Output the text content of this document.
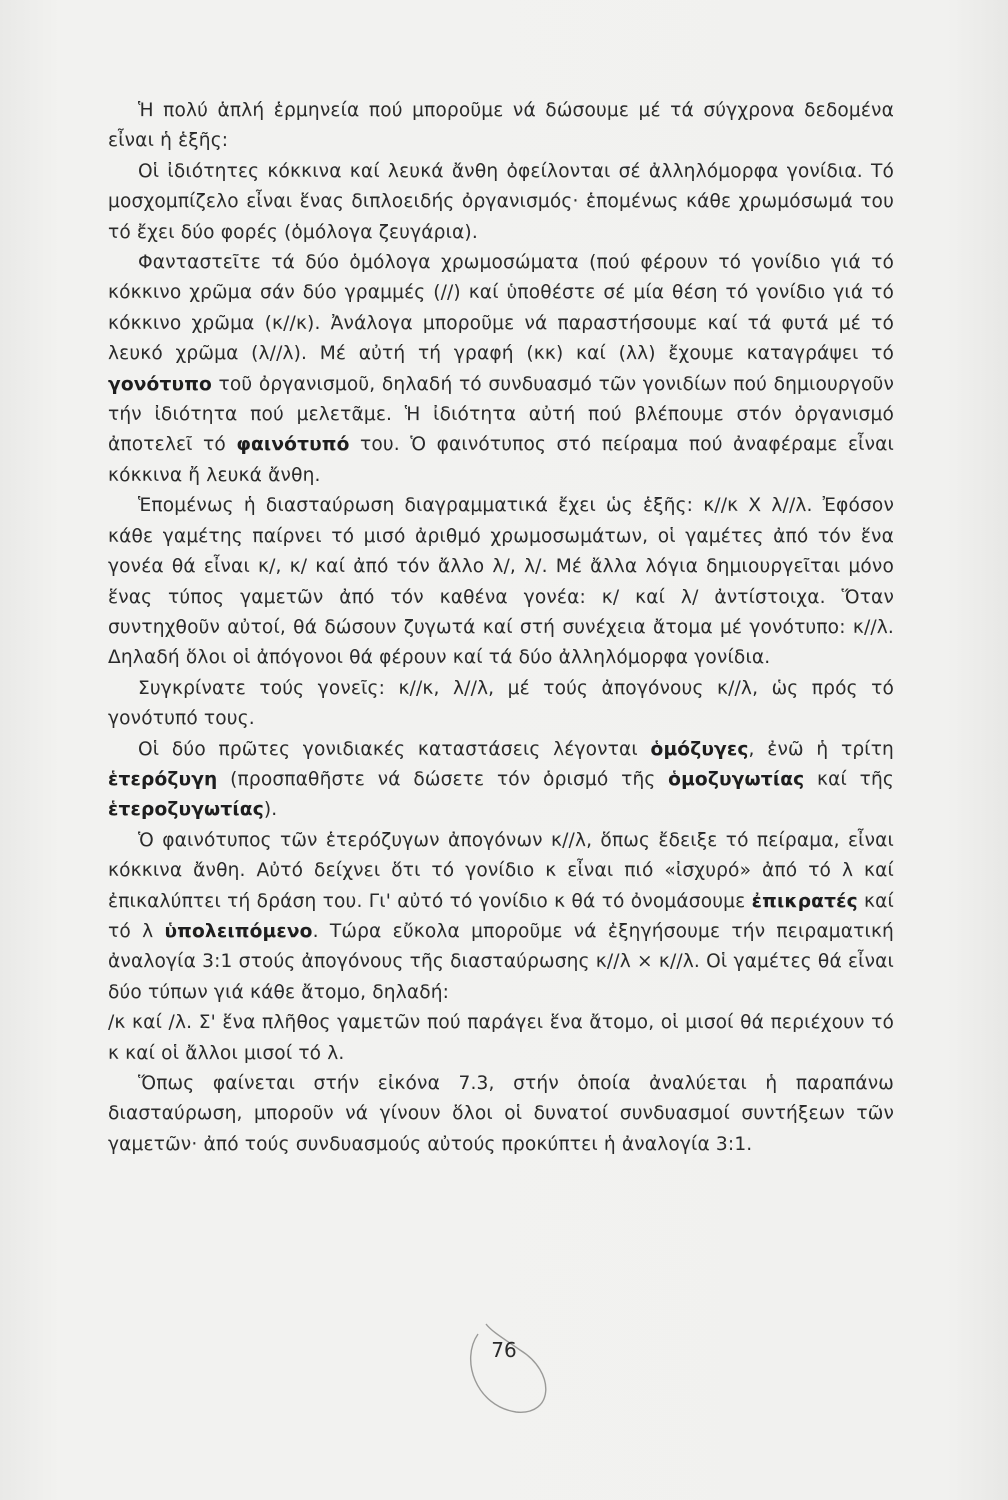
Ἡ πολύ ἁπλή ἑρμηνεία πού μποροῦμε νά δώσουμε μέ τά σύγχρονα δεδομένα εἶναι ἡ ἑξῆς:

Οἱ ἰδιότητες κόκκινα καί λευκά ἄνθη ὀφείλονται σέ ἀλληλόμορφα γονίδια. Τό μοσχομπίζελο εἶναι ἕνας διπλοειδής ὀργανισμός· ἑπομένως κάθε χρωμόσωμά του τό ἔχει δύο φορές (ὁμόλογα ζευγάρια).

Φανταστεῖτε τά δύο ὁμόλογα χρωμοσώματα (πού φέρουν τό γονίδιο γιά τό κόκκινο χρῶμα σάν δύο γραμμές (//) καί ὑποθέστε σέ μία θέση τό γονίδιο γιά τό κόκκινο χρῶμα (κ//κ). Ἀνάλογα μποροῦμε νά παραστήσουμε καί τά φυτά μέ τό λευκό χρῶμα (λ//λ). Μέ αὐτή τή γραφή (κκ) καί (λλ) ἔχουμε καταγράψει τό γονότυπο τοῦ ὀργανισμοῦ, δηλαδή τό συνδυασμό τῶν γονιδίων πού δημιουργοῦν τήν ἰδιότητα πού μελετᾶμε. Ἡ ἰδιότητα αὐτή πού βλέπουμε στόν ὀργανισμό ἀποτελεῖ τό φαινότυπό του. Ὁ φαινότυπος στό πείραμα πού ἀναφέραμε εἶναι κόκκινα ἤ λευκά ἄνθη.

Ἑπομένως ἡ διασταύρωση διαγραμματικά ἔχει ὡς ἑξῆς: κ//κ Χ λ//λ. Ἐφόσον κάθε γαμέτης παίρνει τό μισό ἀριθμό χρωμοσωμάτων, οἱ γαμέτες ἀπό τόν ἕνα γονέα θά εἶναι κ/, κ/ καί ἀπό τόν ἄλλο λ/, λ/. Μέ ἄλλα λόγια δημιουργεῖται μόνο ἕνας τύπος γαμετῶν ἀπό τόν καθένα γονέα: κ/ καί λ/ ἀντίστοιχα. Ὅταν συντηχθοῦν αὐτοί, θά δώσουν ζυγωτά καί στή συνέχεια ἄτομα μέ γονότυπο: κ//λ. Δηλαδή ὅλοι οἱ ἀπόγονοι θά φέρουν καί τά δύο ἀλληλόμορφα γονίδια.

Συγκρίνατε τούς γονεῖς: κ//κ, λ//λ, μέ τούς ἀπογόνους κ//λ, ὡς πρός τό γονότυπό τους.

Οἱ δύο πρῶτες γονιδιακές καταστάσεις λέγονται ὁμόζυγες, ἐνῶ ἡ τρίτη ἑτερόζυγη (προσπαθῆστε νά δώσετε τόν ὁρισμό τῆς ὁμοζυγωτίας καί τῆς ἑτεροζυγωτίας).

Ὁ φαινότυπος τῶν ἑτερόζυγων ἀπογόνων κ//λ, ὅπως ἔδειξε τό πείραμα, εἶναι κόκκινα ἄνθη. Αὐτό δείχνει ὅτι τό γονίδιο κ εἶναι πιό «ἰσχυρό» ἀπό τό λ καί ἐπικαλύπτει τή δράση του. Γι' αὐτό τό γονίδιο κ θά τό ὀνομάσουμε ἐπικρατές καί τό λ ὑπολειπόμενο. Τώρα εὔκολα μποροῦμε νά ἐξηγήσουμε τήν πειραματική ἀναλογία 3:1 στούς ἀπογόνους τῆς διασταύρωσης κ//λ × κ//λ. Οἱ γαμέτες θά εἶναι δύο τύπων γιά κάθε ἄτομο, δηλαδή:

/κ καί /λ. Σ' ἕνα πλῆθος γαμετῶν πού παράγει ἕνα ἄτομο, οἱ μισοί θά περιέχουν τό κ καί οἱ ἄλλοι μισοί τό λ.

Ὅπως φαίνεται στήν εἰκόνα 7.3, στήν ὁποία ἀναλύεται ἡ παραπάνω διασταύρωση, μποροῦν νά γίνουν ὅλοι οἱ δυνατοί συνδυασμοί συντήξεων τῶν γαμετῶν· ἀπό τούς συνδυασμούς αὐτούς προκύπτει ἡ ἀναλογία 3:1.

76
